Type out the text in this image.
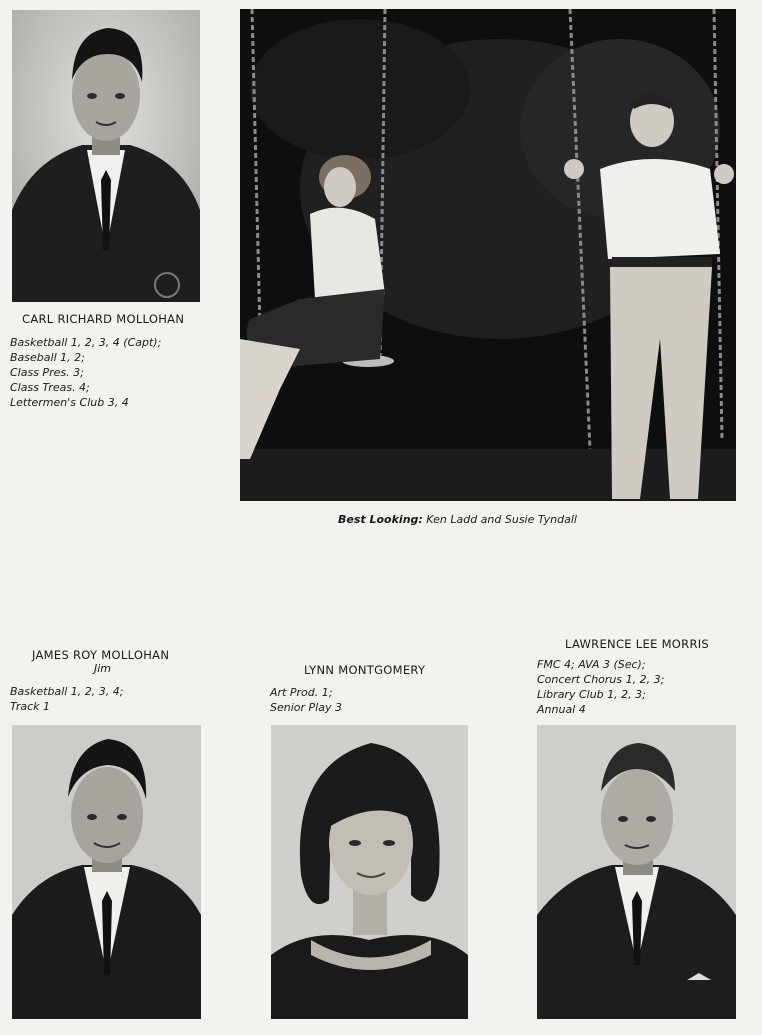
CARL RICHARD MOLLOHAN
Basketball 1, 2, 3, 4 (Capt);
Baseball 1, 2;
Class Pres. 3;
Class Treas. 4;
Lettermen's Club 3, 4
Best Looking: Ken Ladd and Susie Tyndall
JAMES ROY MOLLOHAN
Jim
Basketball 1, 2, 3, 4;
Track 1
LYNN MONTGOMERY
Art Prod. 1;
Senior Play 3
LAWRENCE LEE MORRIS
FMC 4; AVA 3 (Sec);
Concert Chorus 1, 2, 3;
Library Club 1, 2, 3;
Annual 4
